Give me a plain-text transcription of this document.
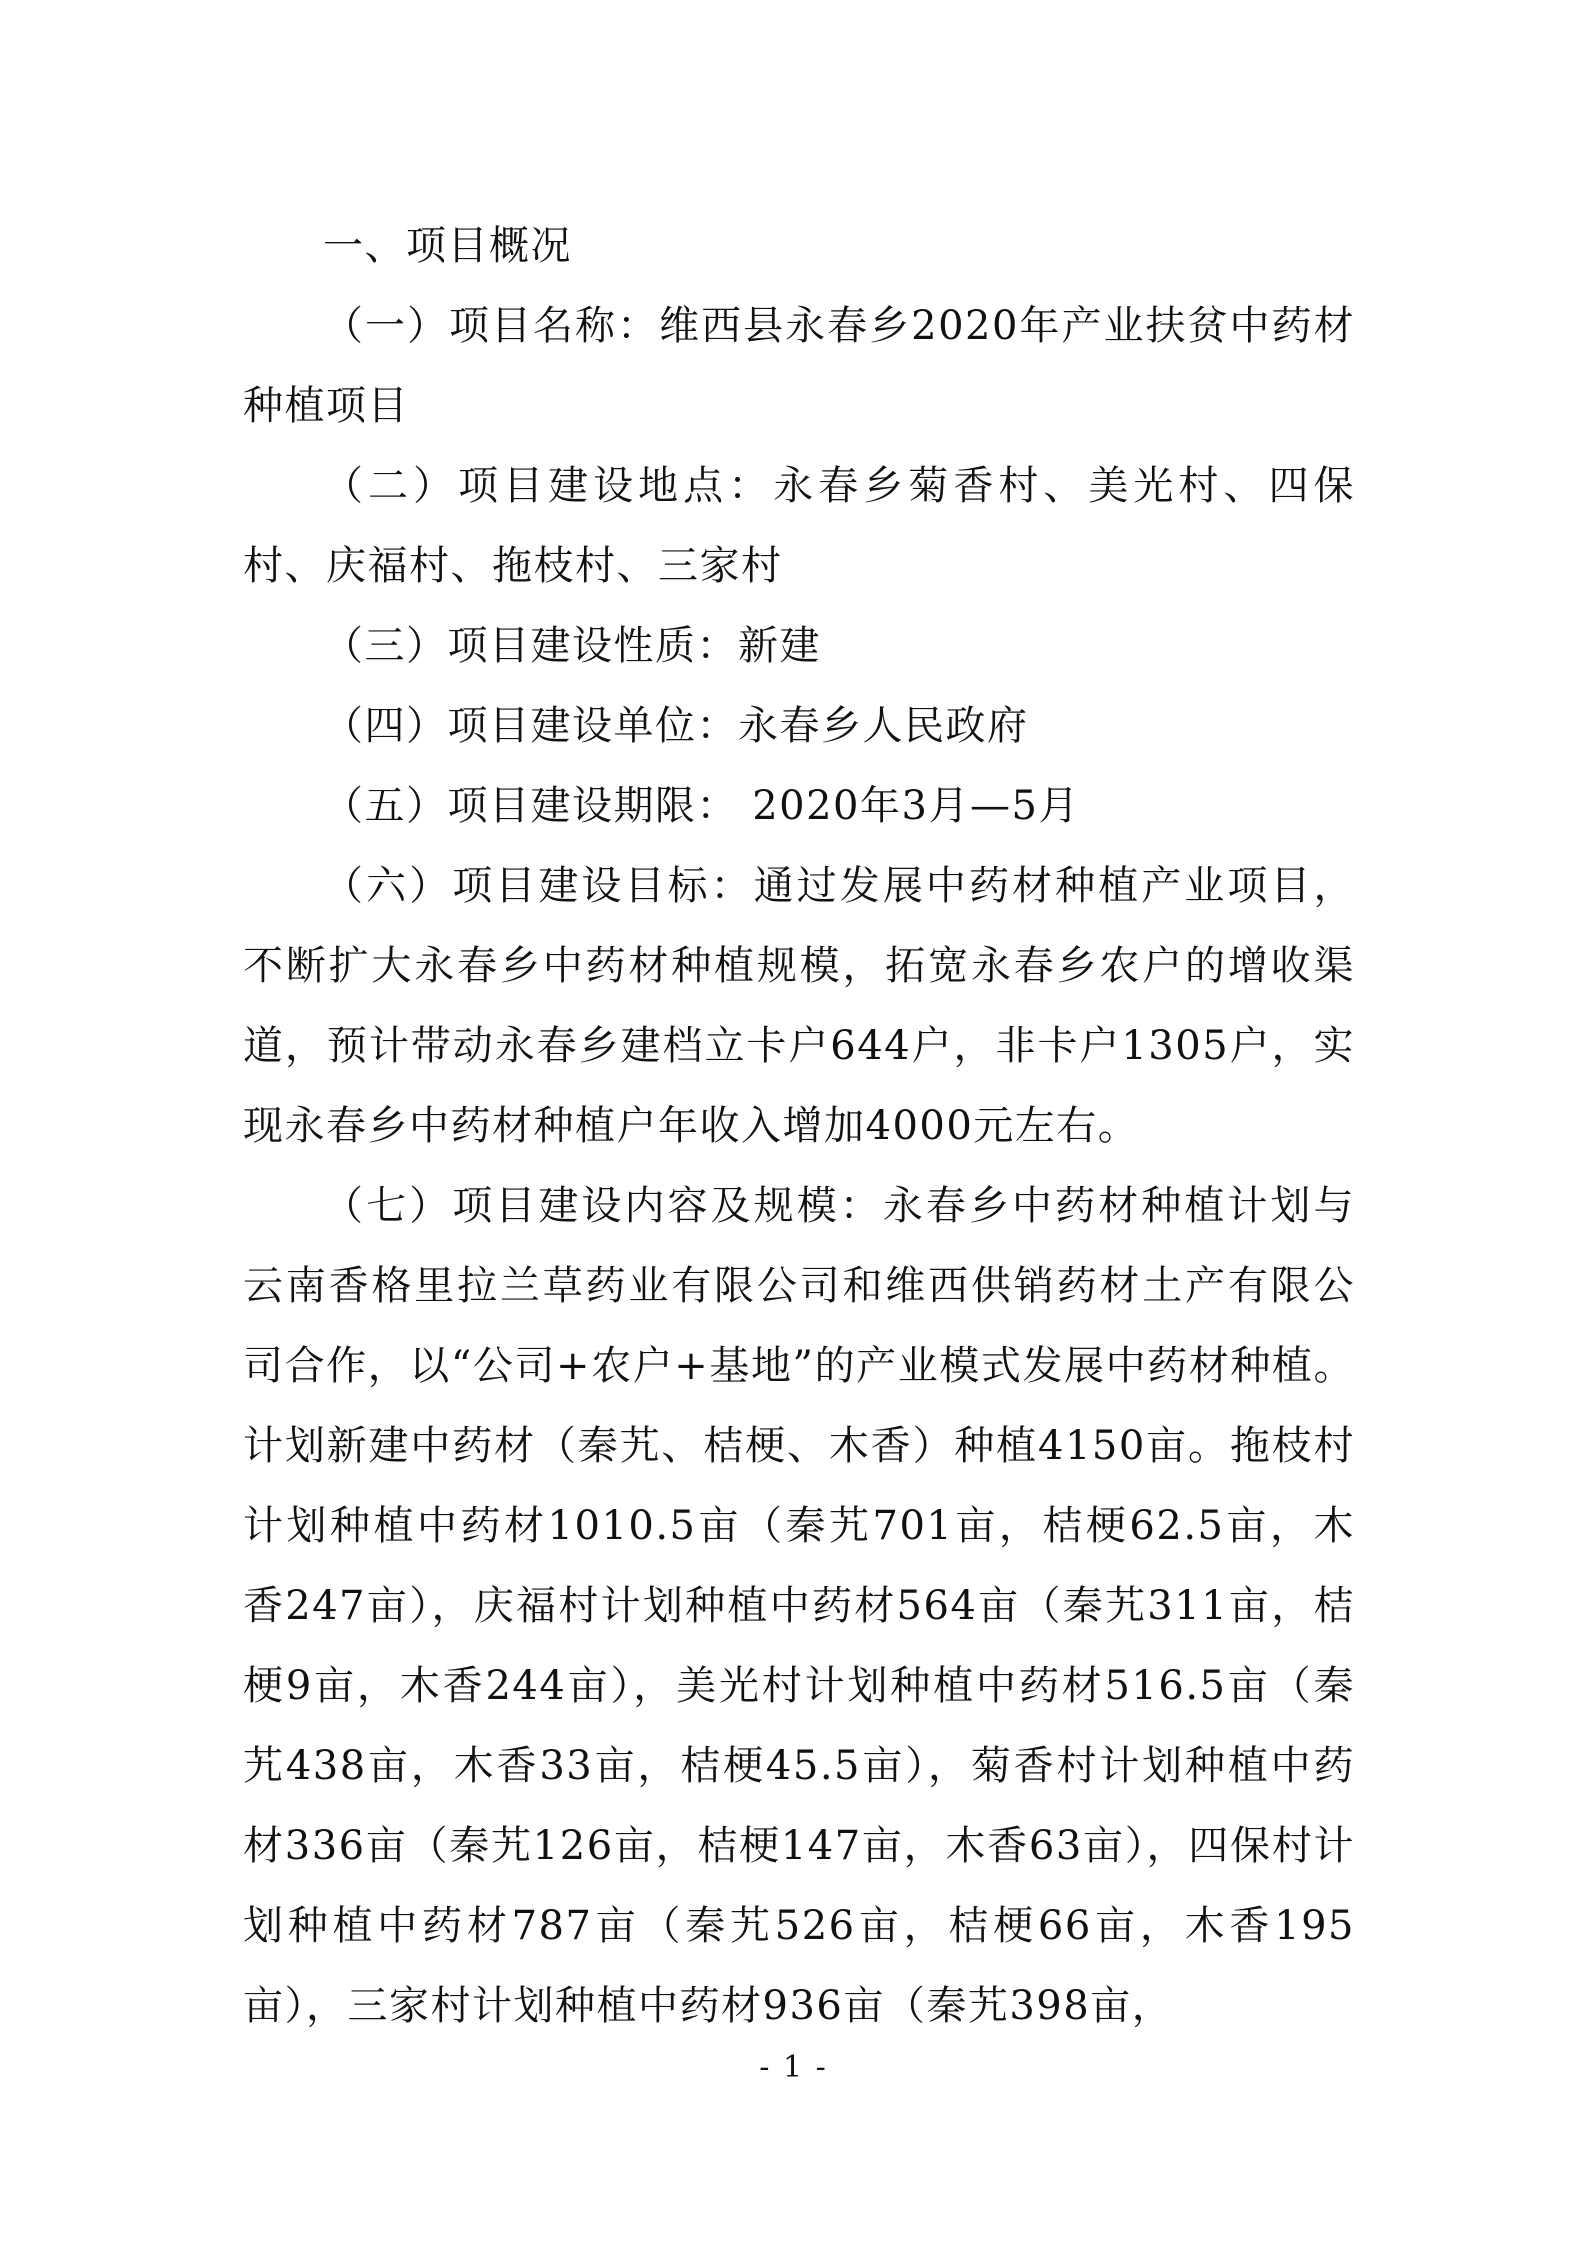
一、项目概况

（一）项目名称：维西县永春乡2020年产业扶贫中药材种植项目

（二）项目建设地点：永春乡菊香村、美光村、四保村、庆福村、拖枝村、三家村

（三）项目建设性质：新建

（四）项目建设单位：永春乡人民政府

（五）项目建设期限： 2020年3月—5月

（六）项目建设目标：通过发展中药材种植产业项目，不断扩大永春乡中药材种植规模，拓宽永春乡农户的增收渠道，预计带动永春乡建档立卡户644户，非卡户1305户，实现永春乡中药材种植户年收入增加4000元左右。

（七）项目建设内容及规模：永春乡中药材种植计划与云南香格里拉兰草药业有限公司和维西供销药材土产有限公司合作，以“公司+农户+基地”的产业模式发展中药材种植。计划新建中药材（秦艽、桔梗、木香）种植4150亩。拖枝村计划种植中药材1010.5亩（秦艽701亩，桔梗62.5亩，木香247亩），庆福村计划种植中药材564亩（秦艽311亩，桔梗9亩，木香244亩），美光村计划种植中药材516.5亩（秦艽438亩，木香33亩，桔梗45.5亩），菊香村计划种植中药材336亩（秦艽126亩，桔梗147亩，木香63亩），四保村计划种植中药材787亩（秦艽526亩，桔梗66亩，木香195亩），三家村计划种植中药材936亩（秦艽398亩，

- 1 -
